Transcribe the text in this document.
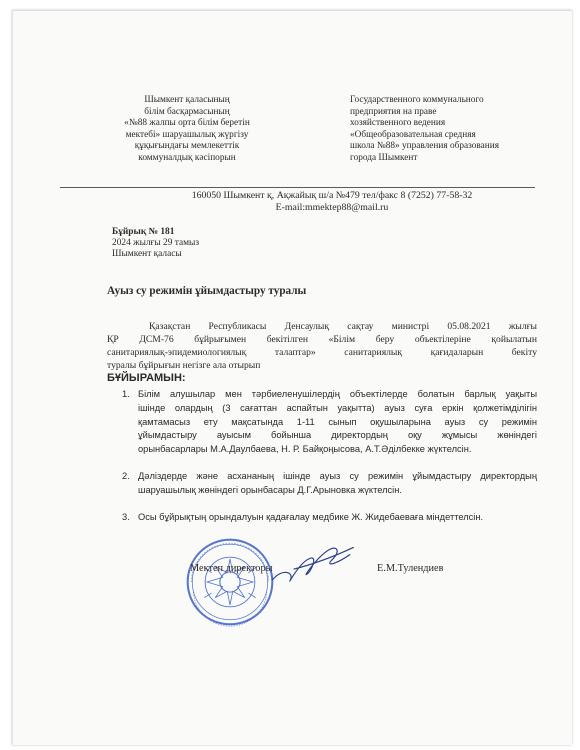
Шымкент қаласының
білім басқармасының
«№88 жалпы орта білім беретін
мектебі» шаруашылық жүргізу
құқығындағы мемлекеттік
коммуналдық кәсіпорын
Государственного коммунального
предприятия на праве
хозяйственного ведения
«Общеобразовательная средняя
школа №88» управления образования
города Шымкент
160050 Шымкент қ, Ақжайық ш/а №479 тел/факс 8 (7252) 77-58-32
E-mail:mmektep88@mail.ru
Бұйрық № 181
2024 жылғы 29 тамыз
Шымкент қаласы
Ауыз су режимін ұйымдастыру туралы
Қазақстан Республикасы Денсаулық сақтау министрі 05.08.2021 жылғы
ҚР ДСМ-76 бұйрығымен бекітілген «Білім беру объектілеріне қойылатын
санитариялық-эпидемиологиялық талаптар» санитариялық қағидаларын бекіту
туралы бұйрығын негізге ала отырып
БҰЙЫРАМЫН:
1. Білім алушылар мен тәрбиеленушілердің объектілерде болатын барлық уақыты
ішінде олардың (3 сағаттан аспайтын уақытта) ауыз суға еркін қолжетімділігін
қамтамасыз ету мақсатында 1-11 сынып оқушыларына ауыз су режимін
ұйымдастыру ауысым бойынша директордың оқу жұмысы жөніндегі
орынбасарлары М.А.Даулбаева, Н. Р. Байқоңысова, А.Т.Әділбекке жүктелсін.
2. Дәліздерде және асхананың ішінде ауыз су режимін ұйымдастыру директордың
шаруашылық жөніндегі орынбасары Д.Г.Арыновка жүктелсін.
3. Осы бұйрықтың орындалуын қадағалау медбике Ж. Жидебаеваға міндеттелсін.
Мектеп директоры	Е.М.Тулендиев
